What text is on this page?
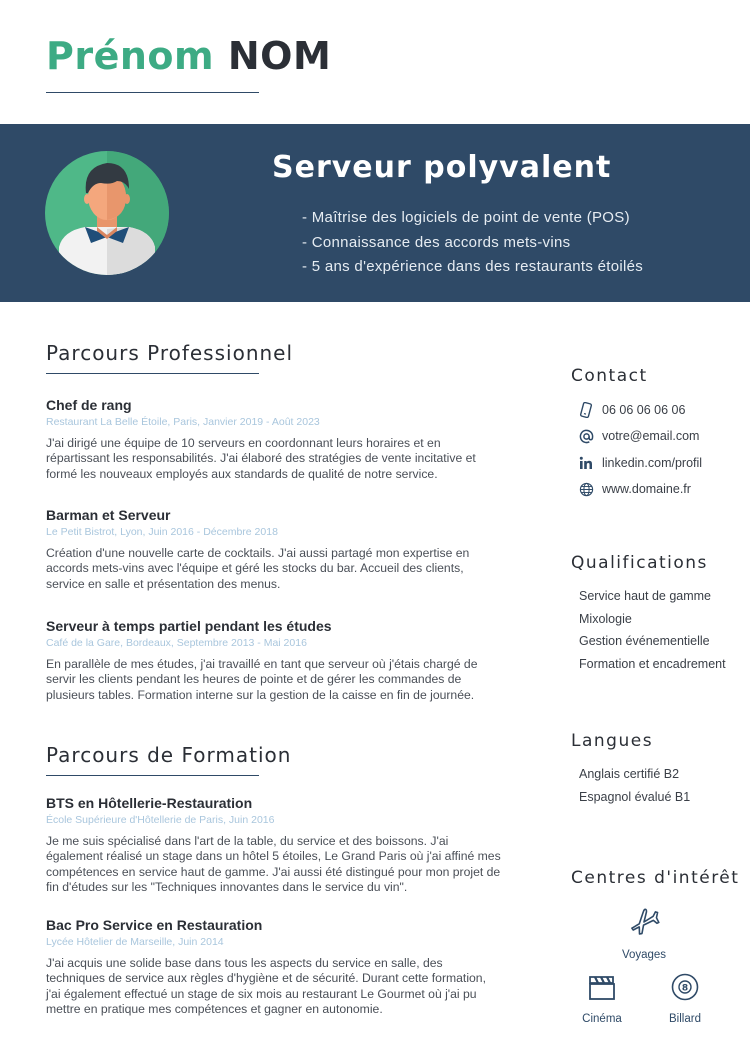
Prénom NOM
Serveur polyvalent
- Maîtrise des logiciels de point de vente (POS)
- Connaissance des accords mets-vins
- 5 ans d'expérience dans des restaurants étoilés
Parcours Professionnel
Chef de rang
Restaurant La Belle Étoile, Paris, Janvier 2019 - Août 2023

J'ai dirigé une équipe de 10 serveurs en coordonnant leurs horaires et en répartissant les responsabilités. J'ai élaboré des stratégies de vente incitative et formé les nouveaux employés aux standards de qualité de notre service.

Barman et Serveur
Le Petit Bistrot, Lyon, Juin 2016 - Décembre 2018

Création d'une nouvelle carte de cocktails. J'ai aussi partagé mon expertise en accords mets-vins avec l'équipe et géré les stocks du bar. Accueil des clients, service en salle et présentation des menus.

Serveur à temps partiel pendant les études
Café de la Gare, Bordeaux, Septembre 2013 - Mai 2016

En parallèle de mes études, j'ai travaillé en tant que serveur où j'étais chargé de servir les clients pendant les heures de pointe et de gérer les commandes de plusieurs tables. Formation interne sur la gestion de la caisse en fin de journée.

Parcours de Formation
BTS en Hôtellerie-Restauration
École Supérieure d'Hôtellerie de Paris, Juin 2016

Je me suis spécialisé dans l'art de la table, du service et des boissons. J'ai également réalisé un stage dans un hôtel 5 étoiles, Le Grand Paris où j'ai affiné mes compétences en service haut de gamme. J'ai aussi été distingué pour mon projet de fin d'études sur les "Techniques innovantes dans le service du vin".

Bac Pro Service en Restauration
Lycée Hôtelier de Marseille, Juin 2014

J'ai acquis une solide base dans tous les aspects du service en salle, des techniques de service aux règles d'hygiène et de sécurité. Durant cette formation, j'ai également effectué un stage de six mois au restaurant Le Gourmet où j'ai pu mettre en pratique mes compétences et gagner en autonomie.

Contact
06 06 06 06 06
votre@email.com
linkedin.com/profil
www.domaine.fr
Qualifications
Service haut de gamme
Mixologie
Gestion événementielle
Formation et encadrement
Langues
Anglais certifié B2
Espagnol évalué B1
Centres d'intérêt
Voyages
Cinéma
8
Billard
